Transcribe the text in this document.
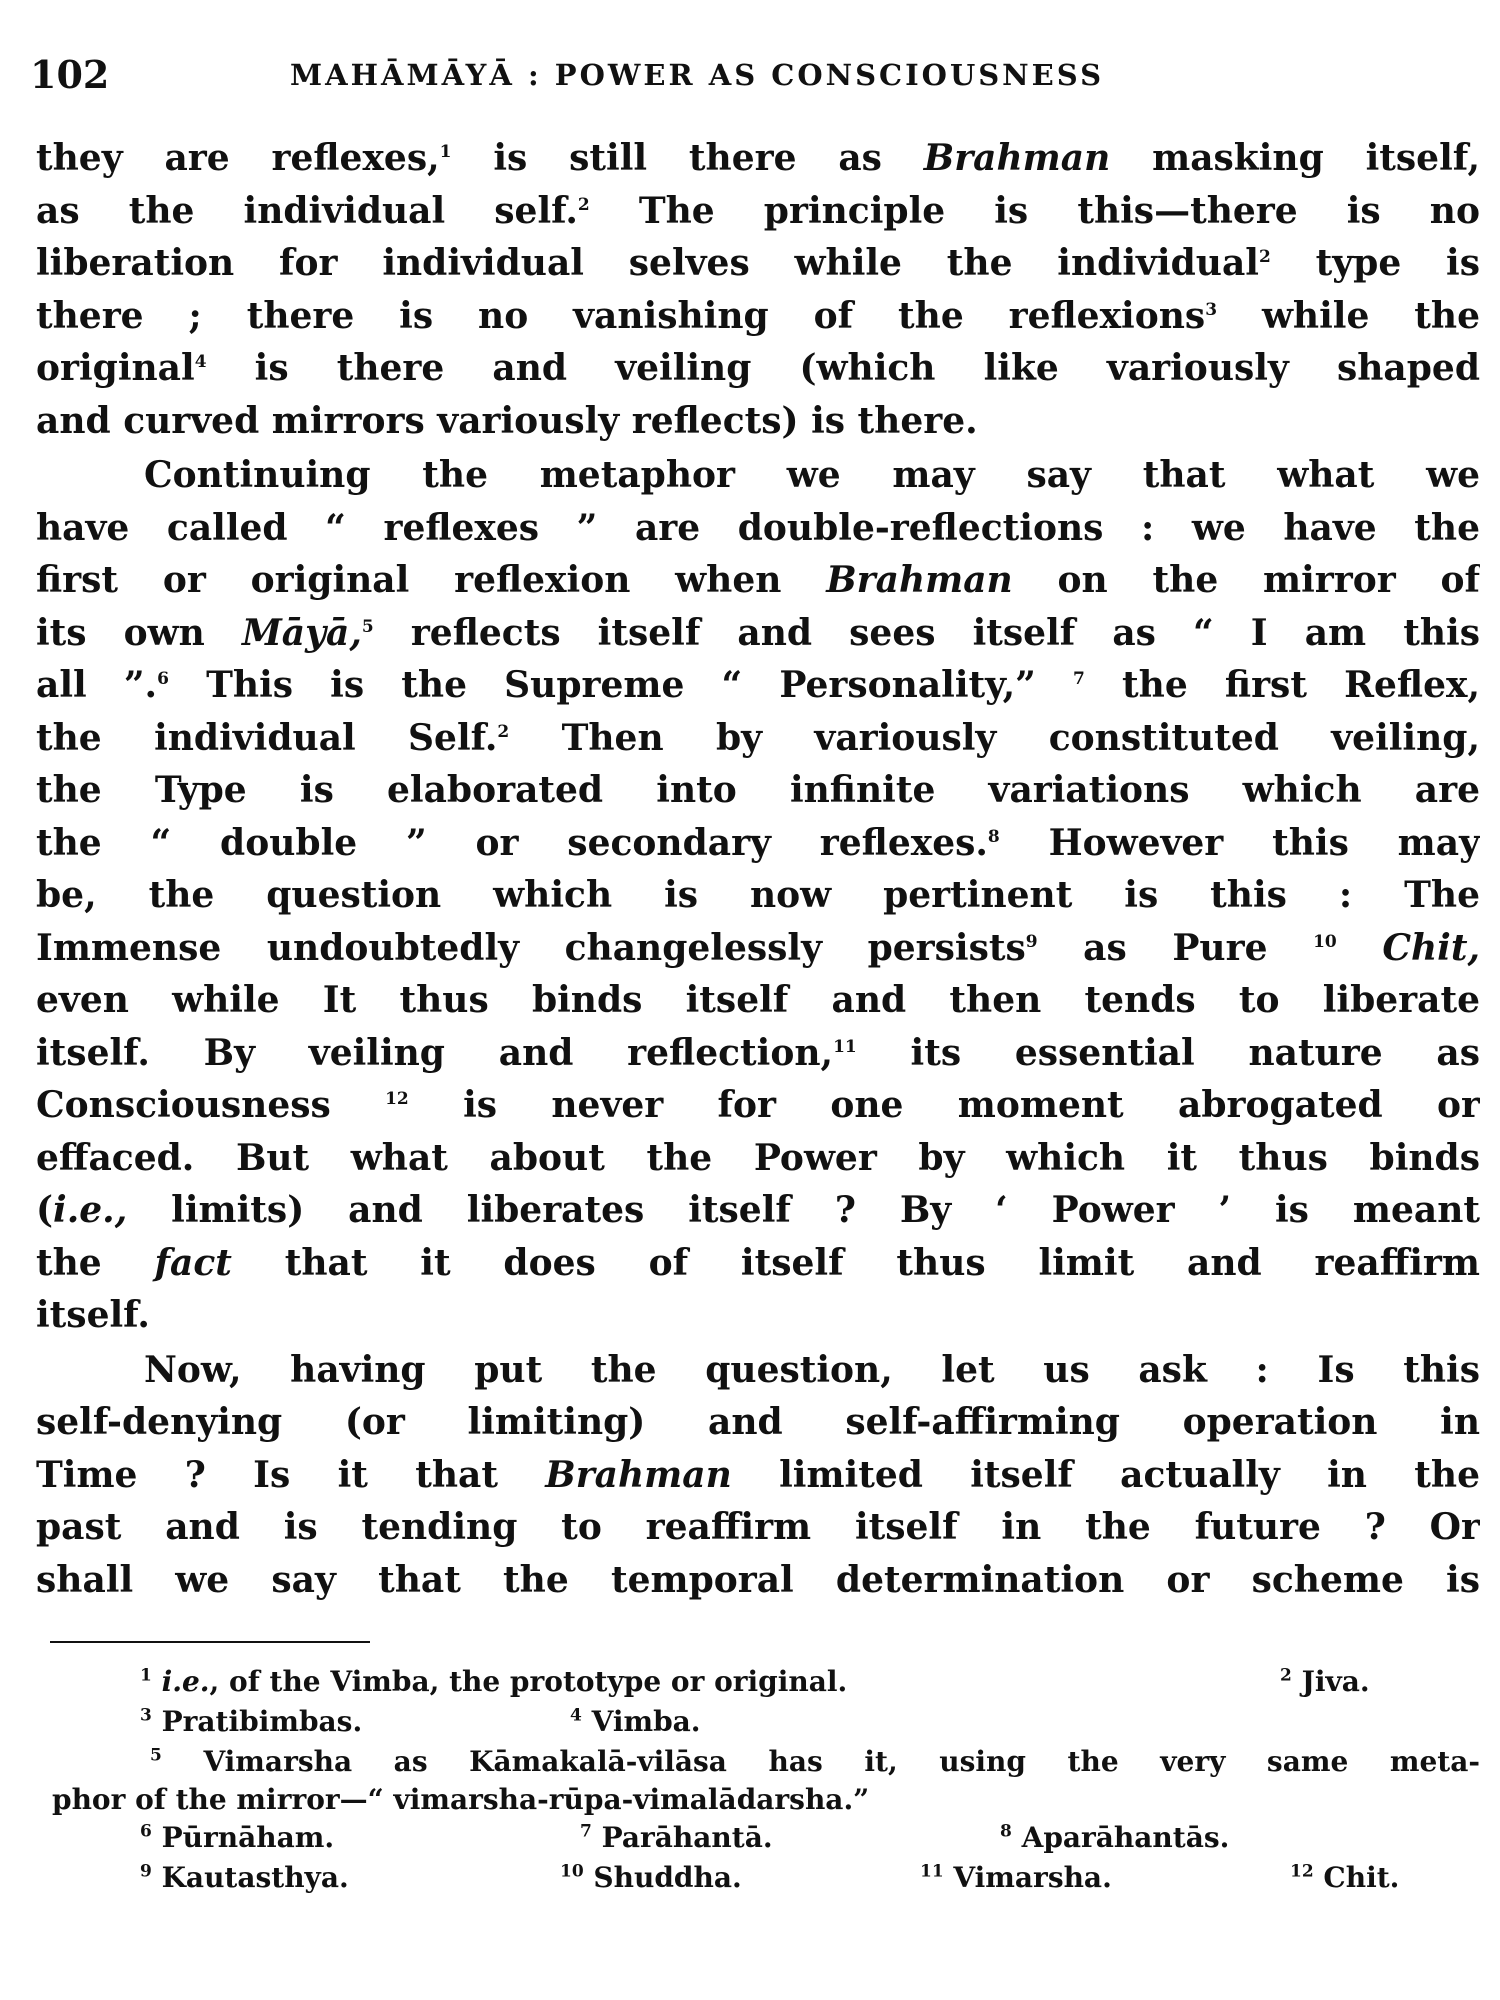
102	MAHĀMĀYĀ : POWER AS CONSCIOUSNESS
they are reflexes,$^1$ is still there as Brahman masking itself,
as the individual self.$^2$ The principle is this—there is no
liberation for individual selves while the individual$^2$ type is
there ; there is no vanishing of the reflexions$^3$ while the
original$^4$ is there and veiling (which like variously shaped
and curved mirrors variously reflects) is there.
Continuing the metaphor we may say that what we
have called “ reflexes ” are double-reflections : we have the
first or original reflexion when Brahman on the mirror of
its own Māyā,$^5$ reflects itself and sees itself as “ I am this
all ”.$^6$ This is the Supreme “ Personality,” $^7$ the first Reflex,
the individual Self.$^2$ Then by variously constituted veiling,
the Type is elaborated into infinite variations which are
the “ double ” or secondary reflexes.$^8$ However this may
be, the question which is now pertinent is this : The
Immense undoubtedly changelessly persists$^9$ as Pure $^{10}$ Chit,
even while It thus binds itself and then tends to liberate
itself. By veiling and reflection,$^{11}$ its essential nature as
Consciousness $^{12}$ is never for one moment abrogated or
effaced. But what about the Power by which it thus binds
(i.e., limits) and liberates itself ? By ‘ Power ’ is meant
the fact that it does of itself thus limit and reaffirm
itself.
Now, having put the question, let us ask : Is this
self-denying (or limiting) and self-affirming operation in
Time ? Is it that Brahman limited itself actually in the
past and is tending to reaffirm itself in the future ? Or
shall we say that the temporal determination or scheme is
$^1$ i.e., of the Vimba, the prototype or original.	$^2$ Jiva.
$^3$ Pratibimbas.	$^4$ Vimba.
$^5$ Vimarsha as Kāmakalā-vilāsa has it, using the very same meta-
phor of the mirror—“ vimarsha-rūpa-vimalādarsha.”
$^6$ Pūrnāham.	$^7$ Parāhantā.	$^8$ Aparāhantās.
$^9$ Kautasthya.	$^{10}$ Shuddha.	$^{11}$ Vimarsha.	$^{12}$ Chit.
